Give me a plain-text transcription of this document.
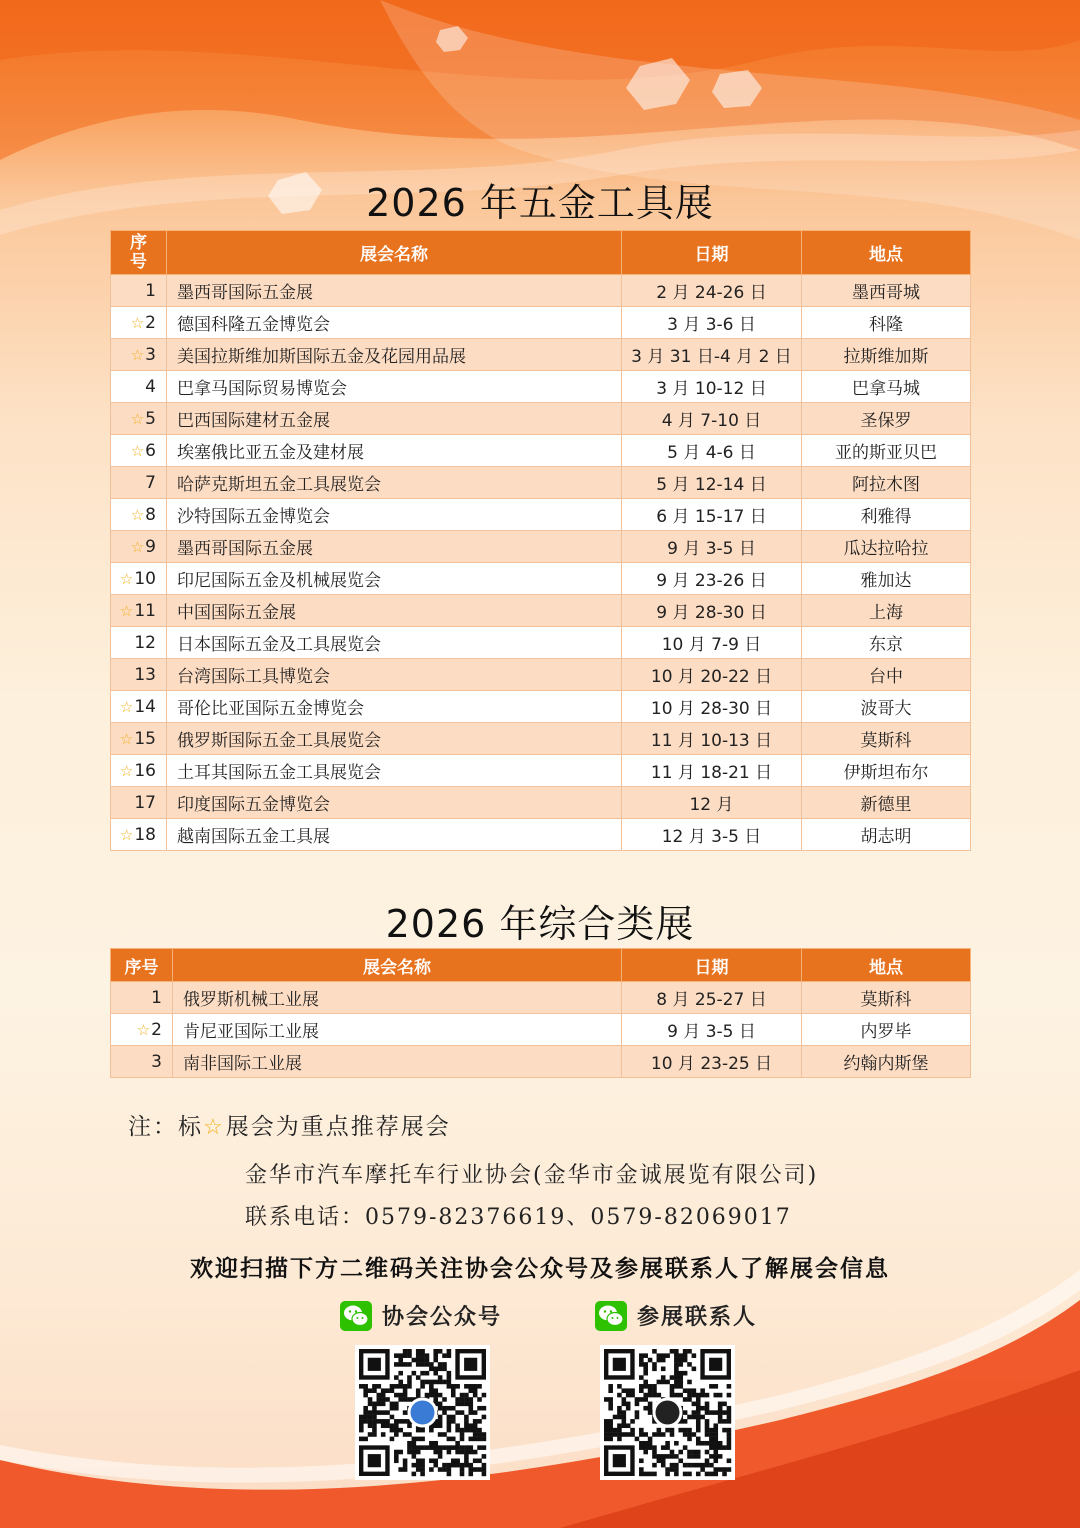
2026 年五金工具展
序号	展会名称	日期	地点
1	墨西哥国际五金展	2 月 24-26 日	墨西哥城
☆2	德国科隆五金博览会	3 月 3-6 日	科隆
☆3	美国拉斯维加斯国际五金及花园用品展	3 月 31 日-4 月 2 日	拉斯维加斯
4	巴拿马国际贸易博览会	3 月 10-12 日	巴拿马城
☆5	巴西国际建材五金展	4 月 7-10 日	圣保罗
☆6	埃塞俄比亚五金及建材展	5 月 4-6 日	亚的斯亚贝巴
7	哈萨克斯坦五金工具展览会	5 月 12-14 日	阿拉木图
☆8	沙特国际五金博览会	6 月 15-17 日	利雅得
☆9	墨西哥国际五金展	9 月 3-5 日	瓜达拉哈拉
☆10	印尼国际五金及机械展览会	9 月 23-26 日	雅加达
☆11	中国国际五金展	9 月 28-30 日	上海
12	日本国际五金及工具展览会	10 月 7-9 日	东京
13	台湾国际工具博览会	10 月 20-22 日	台中
☆14	哥伦比亚国际五金博览会	10 月 28-30 日	波哥大
☆15	俄罗斯国际五金工具展览会	11 月 10-13 日	莫斯科
☆16	土耳其国际五金工具展览会	11 月 18-21 日	伊斯坦布尔
17	印度国际五金博览会	12 月	新德里
☆18	越南国际五金工具展	12 月 3-5 日	胡志明
2026 年综合类展
序号	展会名称	日期	地点
1	俄罗斯机械工业展	8 月 25-27 日	莫斯科
☆2	肯尼亚国际工业展	9 月 3-5 日	内罗毕
3	南非国际工业展	10 月 23-25 日	约翰内斯堡
注：标☆展会为重点推荐展会
金华市汽车摩托车行业协会(金华市金诚展览有限公司)
联系电话：0579-82376619、0579-82069017
欢迎扫描下方二维码关注协会公众号及参展联系人了解展会信息
协会公众号	参展联系人
